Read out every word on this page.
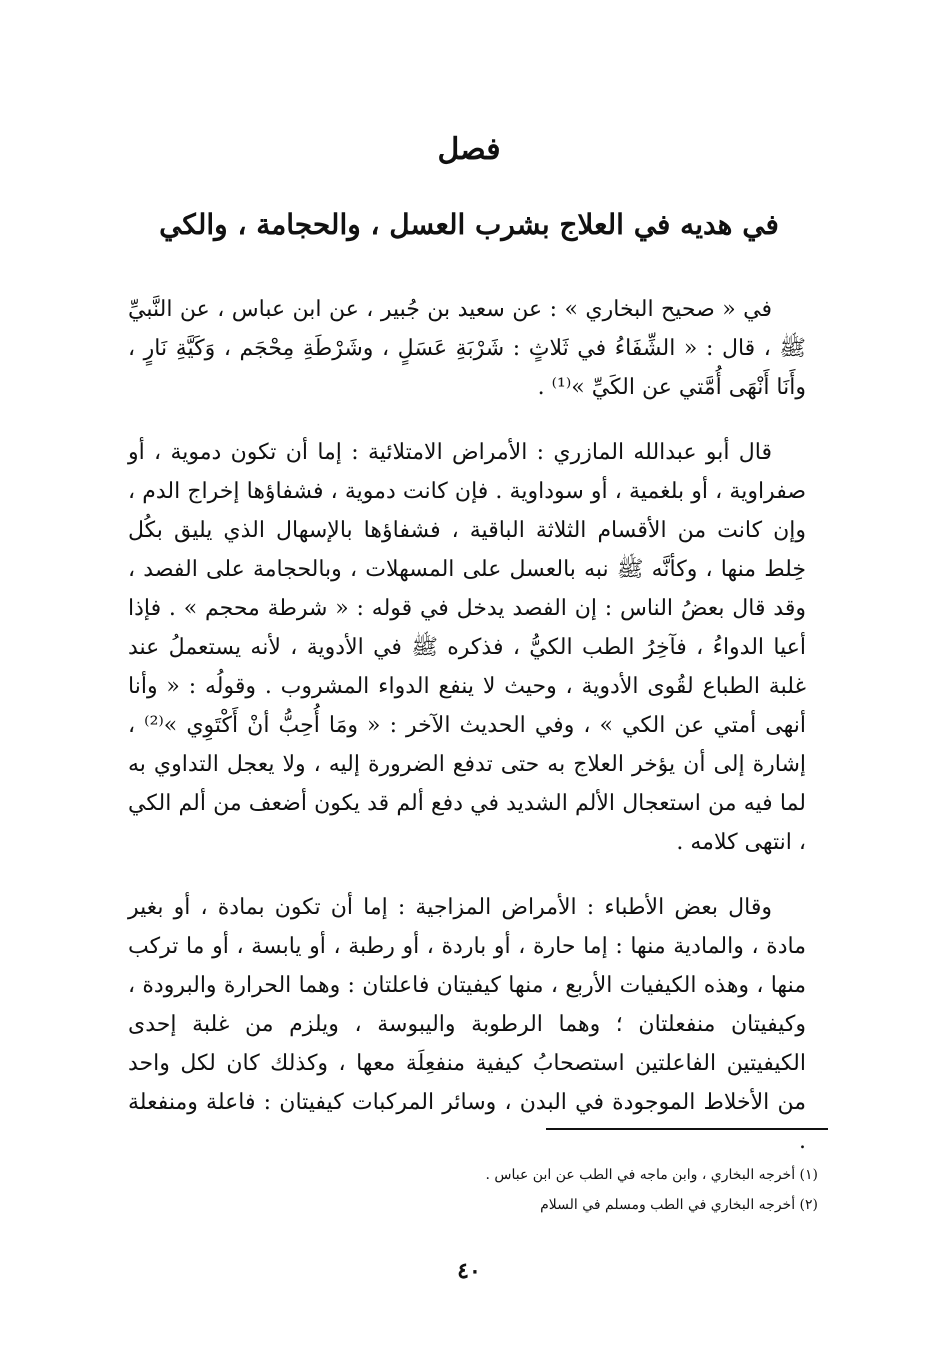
فصل
في هديه في العلاج بشرب العسل ، والحجامة ، والكي

في « صحيح البخاري » : عن سعيد بن جُبير ، عن ابن عباس ، عن النَّبيِّ ﷺ ، قال : « الشِّفَاءُ في ثَلاثٍ : شَرْبَةِ عَسَلٍ ، وشَرْطَةِ مِحْجَم ، وَكَيَّةِ نَارٍ ، وأَنَا أَنْهَى أُمَّتي عن الكَيِّ »⁽¹⁾ .

قال أبو عبدالله المازري : الأمراض الامتلائية : إما أن تكون دموية ، أو صفراوية ، أو بلغمية ، أو سوداوية . فإن كانت دموية ، فشفاؤها إخراج الدم ، وإن كانت من الأقسام الثلاثة الباقية ، فشفاؤها بالإسهال الذي يليق بكُل خِلط منها ، وكأنَّه ﷺ نبه بالعسل على المسهلات ، وبالحجامة على الفصد ، وقد قال بعضُ الناس : إن الفصد يدخل في قوله : « شرطة محجم » . فإذا أعيا الدواءُ ، فآخِرُ الطب الكيُّ ، فذكره ﷺ في الأدوية ، لأنه يستعملُ عند غلبة الطباع لقُوى الأدوية ، وحيث لا ينفع الدواء المشروب . وقولُه : « وأنا أنهى أمتي عن الكي » ، وفي الحديث الآخر : « ومَا أُحِبُّ أنْ أَكْتَوِي »⁽²⁾ ، إشارة إلى أن يؤخر العلاج به حتى تدفع الضرورة إليه ، ولا يعجل التداوي به لما فيه من استعجال الألم الشديد في دفع ألم قد يكون أضعف من ألم الكي ، انتهى كلامه .

وقال بعض الأطباء : الأمراض المزاجية : إما أن تكون بمادة ، أو بغير مادة ، والمادية منها : إما حارة ، أو باردة ، أو رطبة ، أو يابسة ، أو ما تركب منها ، وهذه الكيفيات الأربع ، منها كيفيتان فاعلتان : وهما الحرارة والبرودة ، وكيفيتان منفعلتان ؛ وهما الرطوبة واليبوسة ، ويلزم من غلبة إحدى الكيفيتين الفاعلتين استصحابُ كيفية منفعِلَة معها ، وكذلك كان لكل واحد من الأخلاط الموجودة في البدن ، وسائر المركبات كيفيتان : فاعلة ومنفعلة .

(١) أخرجه البخاري ، وابن ماجه في الطب عن ابن عباس .
(٢) أخرجه البخاري في الطب ومسلم في السلام
٤٠
